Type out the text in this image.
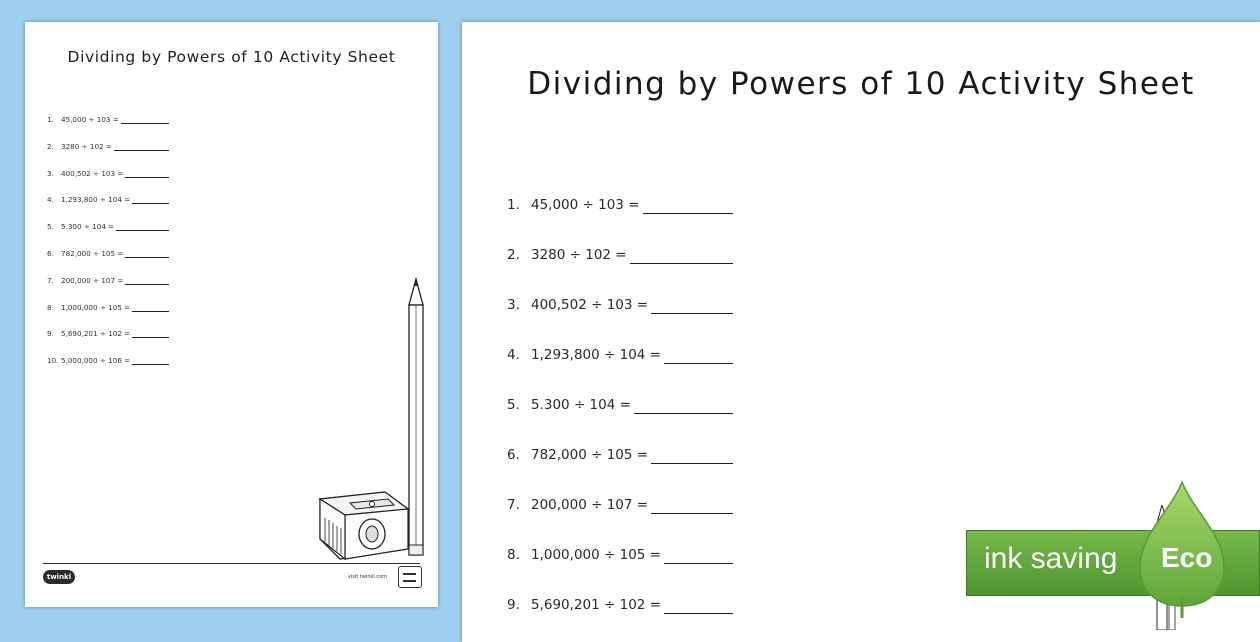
Dividing by Powers of 10 Activity Sheet
1. 45,000 ÷ 103 =
2. 3280 ÷ 102 =
3. 400,502 ÷ 103 =
4. 1,293,800 ÷ 104 =
5. 5.300 ÷ 104 =
6. 782,000 ÷ 105 =
7. 200,000 ÷ 107 =
8. 1,000,000 ÷ 105 =
9. 5,690,201 ÷ 102 =
10. 5,000,000 ÷ 106 =
twinkl	visit twinkl.com
Dividing by Powers of 10 Activity Sheet
1. 45,000 ÷ 103 =
2. 3280 ÷ 102 =
3. 400,502 ÷ 103 =
4. 1,293,800 ÷ 104 =
5. 5.300 ÷ 104 =
6. 782,000 ÷ 105 =
7. 200,000 ÷ 107 =
8. 1,000,000 ÷ 105 =
9. 5,690,201 ÷ 102 =
ink saving Eco
